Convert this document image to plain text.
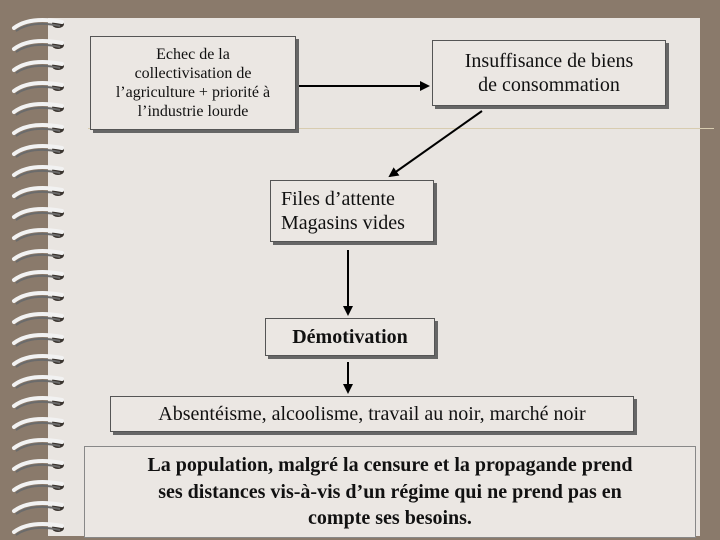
Echec de la
collectivisation de
l’agriculture + priorité à
l’industrie lourde
Insuffisance de biens
de consommation
Files d’attente
Magasins vides
Démotivation
Absentéisme, alcoolisme, travail au noir, marché noir
La population, malgré la censure et la propagande prend
ses distances vis-à-vis d’un régime qui ne prend pas en
compte ses besoins.
